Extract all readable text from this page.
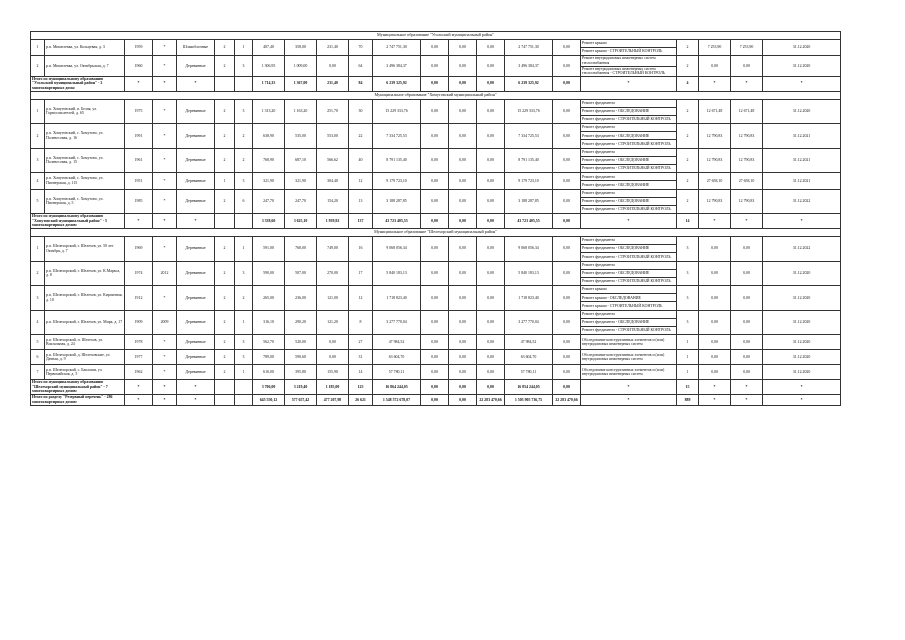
Муниципальное образование "Усольский муниципальный район"																					
1	р.п. Мишелевка, ул. Кольцевая, д. 3	1959	*	Шлакоблочные	2	1	407,40	358,00	231,40	70	2 747 751,30	0,00	0,00	0,00	2 747 751,30	0,00	Ремонт крыши	2	7 253,90	7 253,90	31.12.2020
																	Ремонт крыши - СТРОИТЕЛЬНЫЙ КОНТРОЛЬ				
2	р.п. Мишелевка, ул. Октябрьская, д. 7	1960	*	Деревянные	2	3	1 306,95	1 009,00	0,00	64	3 496 384,37	0,00	0,00	0,00	3 496 384,37	0,00	Ремонт внутридомовых инженерных систем теплоснабжения	2	0,00	0,00	31.12.2020
																	Ремонт внутридомовых инженерных систем теплоснабжения - СТРОИТЕЛЬНЫЙ КОНТРОЛЬ				
Итого по муниципальному образованию "Усольский муниципальный район" - 2 многоквартирных дома:		*	*	*			1 714,35	1 367,00	231,40	84	6 239 325,92	0,00	0,00	0,00	6 239 325,92	0,00	*	4	*	*	*
Муниципальное образование "Хомутовский муниципальный район"																					
1	р.п. Хомутовский, п. Белая, ул. Горноспасателей, д. 65	1975	*	Деревянные	2	3	1 313,20	1 163,20	251,70	30	15 229 333,76	0,00	0,00	0,00	15 229 333,76	0,00	Ремонт фундамента	2	12 671,48	12 671,48	31.12.2020
																	Ремонт фундамента - ОБСЛЕДОВАНИЕ				
																	Ремонт фундамента - СТРОИТЕЛЬНЫЙ КОНТРОЛЬ				
2	р.п. Хомутовский, с. Хомутово, ул. Полевосовая, д. 16	1991	*	Деревянные	2	2	638,90	535,00	553,00	22	7 334 725,53	0,00	0,00	0,00	7 334 725,53	0,00	Ремонт фундамента	2	12 790,83	12 790,83	31.12.2021
																	Ремонт фундамента - ОБСЛЕДОВАНИЕ				
																	Ремонт фундамента - СТРОИТЕЛЬНЫЙ КОНТРОЛЬ				
3	р.п. Хомутовский, с. Хомутово, ул. Полевосовая, д. 15	1961	*	Деревянные	2	2	768,90	687,10	566,62	40	8 791 135,40	0,00	0,00	0,00	8 791 135,40	0,00	Ремонт фундамента	2	12 790,83	12 790,83	31.12.2021
																	Ремонт фундамента - ОБСЛЕДОВАНИЕ				
																	Ремонт фундамента - СТРОИТЕЛЬНЫЙ КОНТРОЛЬ				
4	р.п. Хомутовский, с. Хомутово, ул. Пионерская, д. 115	1951	*	Деревянные	1	3	321,90	321,90	304,40	12	9 179 723,10	0,00	0,00	0,00	9 179 723,10	0,00	Ремонт фундамента	2	27 658,10	27 658,10	31.12.2021
																	Ремонт фундамента - ОБСЛЕДОВАНИЕ				
5	р.п. Хомутовский, с. Хомутово, ул. Пионерская, д. 5	1985	*	Деревянные	2	6	247,70	247,70	154,20	13	3 188 287,85	0,00	0,00	0,00	3 188 287,85	0,00	Ремонт фундамента	2	12 790,83	12 790,83	31.12.2022
																	Ремонт фундамента - ОБСЛЕДОВАНИЕ				
																	Ремонт фундамента - СТРОИТЕЛЬНЫЙ КОНТРОЛЬ				
Итого по муниципальному образованию "Хомутовский муниципальный район" - 5 многоквартирных домов:		*	*	*			3 338,60	3 625,10	1 939,92	137	43 723 405,55	0,00	0,00	0,00	43 723 405,55	0,00	*	14	*	*	*
Муниципальное образование "Шелехорский муниципальный район"																					
1	р.п. Шелехорский, г. Шелехов, ул. 50 лет Октября, д. 7	1969	*	Деревянные	2	1	591,00	768,00	749,00	16	9 068 056,34	0,00	0,00	0,00	9 068 056,34	0,00	Ремонт фундамента	3	0,00	0,00	31.12.2022
																	Ремонт фундамента - ОБСЛЕДОВАНИЕ				
																	Ремонт фундамента - СТРОИТЕЛЬНЫЙ КОНТРОЛЬ				
2	р.п. Шелехорский, г. Шелехов, ул. К.Маркса, д. 8	1974	2012	Деревянные	2	3	590,00	507,00	270,00	17	5 840 183,13	0,00	0,00	0,00	5 840 183,13	0,00	Ремонт фундамента	3	0,00	0,00	31.12.2020
																	Ремонт фундамента - ОБСЛЕДОВАНИЕ				
																	Ремонт фундамента - СТРОИТЕЛЬНЫЙ КОНТРОЛЬ				
3	р.п. Шелехорский, г. Шелехов, ул. Кирпичная, д. 10	1912	*	Деревянные	2	2	265,00	236,00	121,00	12	1 718 823,40	0,00	0,00	0,00	1 718 823,40	0,00	Ремонт крыши	3	0,00	0,00	31.12.2020
																	Ремонт крыши - ОБСЛЕДОВАНИЕ				
																	Ремонт крыши - СТРОИТЕЛЬНЫЙ КОНТРОЛЬ				
4	р.п. Шелехорский, г. Шелехов, ул. Мира, д. 17	1909	2009	Деревянные	2	1	316,10	290,20	121,20	8	3 277 770,04	0,00	0,00	0,00	3 277 770,04	0,00	Ремонт фундамента	3	0,00	0,00	31.12.2020
																	Ремонт фундамента - ОБСЛЕДОВАНИЕ				
																	Ремонт фундамента - СТРОИТЕЛЬНЫЙ КОНТРОЛЬ				
5	р.п. Шелехорский, п. Шелехов, ул. Вокзальная, д. 24	1978	*	Деревянные	2	3	562,70	520,00	0,00	27	47 984,52	0,00	0,00	0,00	47 984,52	0,00	Обследование конструктивных элементов и (или) внутридомовых инженерных систем	1	0,00	0,00	31.12.2020
6	р.п. Шелехорский, д. Шелеховские, ул. Дачная, д. 9	1977	*	Деревянные	2	3	789,00	590,60	0,00	31	63 604,70	0,00	0,00	0,00	63 604,70	0,00	Обследование конструктивных элементов и (или) внутридомовых инженерных систем	1	0,00	0,00	31.12.2020
7	р.п. Шелехорский, с. Баклаши, ул. Первомайская, д. 5	1962	*	Деревянные	2	1	610,00	395,80	155,90	14	57 780,11	0,00	0,00	0,00	57 780,11	0,00	Обследование конструктивных элементов и (или) внутридомовых инженерных систем	1	0,00	0,00	31.12.2020
Итого по муниципальному образованию "Шелехорский муниципальный район" - 7 многоквартирных домов:		*	*	*			3 706,00	3 219,40	1 185,00	125	16 864 244,05	0,00	0,00	0,00	16 854 244,05	0,00	*	15	*	*	*
Итого по разделу "Резервный перечень" - 286 многоквартирных домов:		*	*	*			645 550,12	577 657,42	477 207,98	26 621	1 548 572 678,07	0,00	0,00	22 283 470,66	1 503 905 736,75	22 283 470,66	*	889	*	*	*
